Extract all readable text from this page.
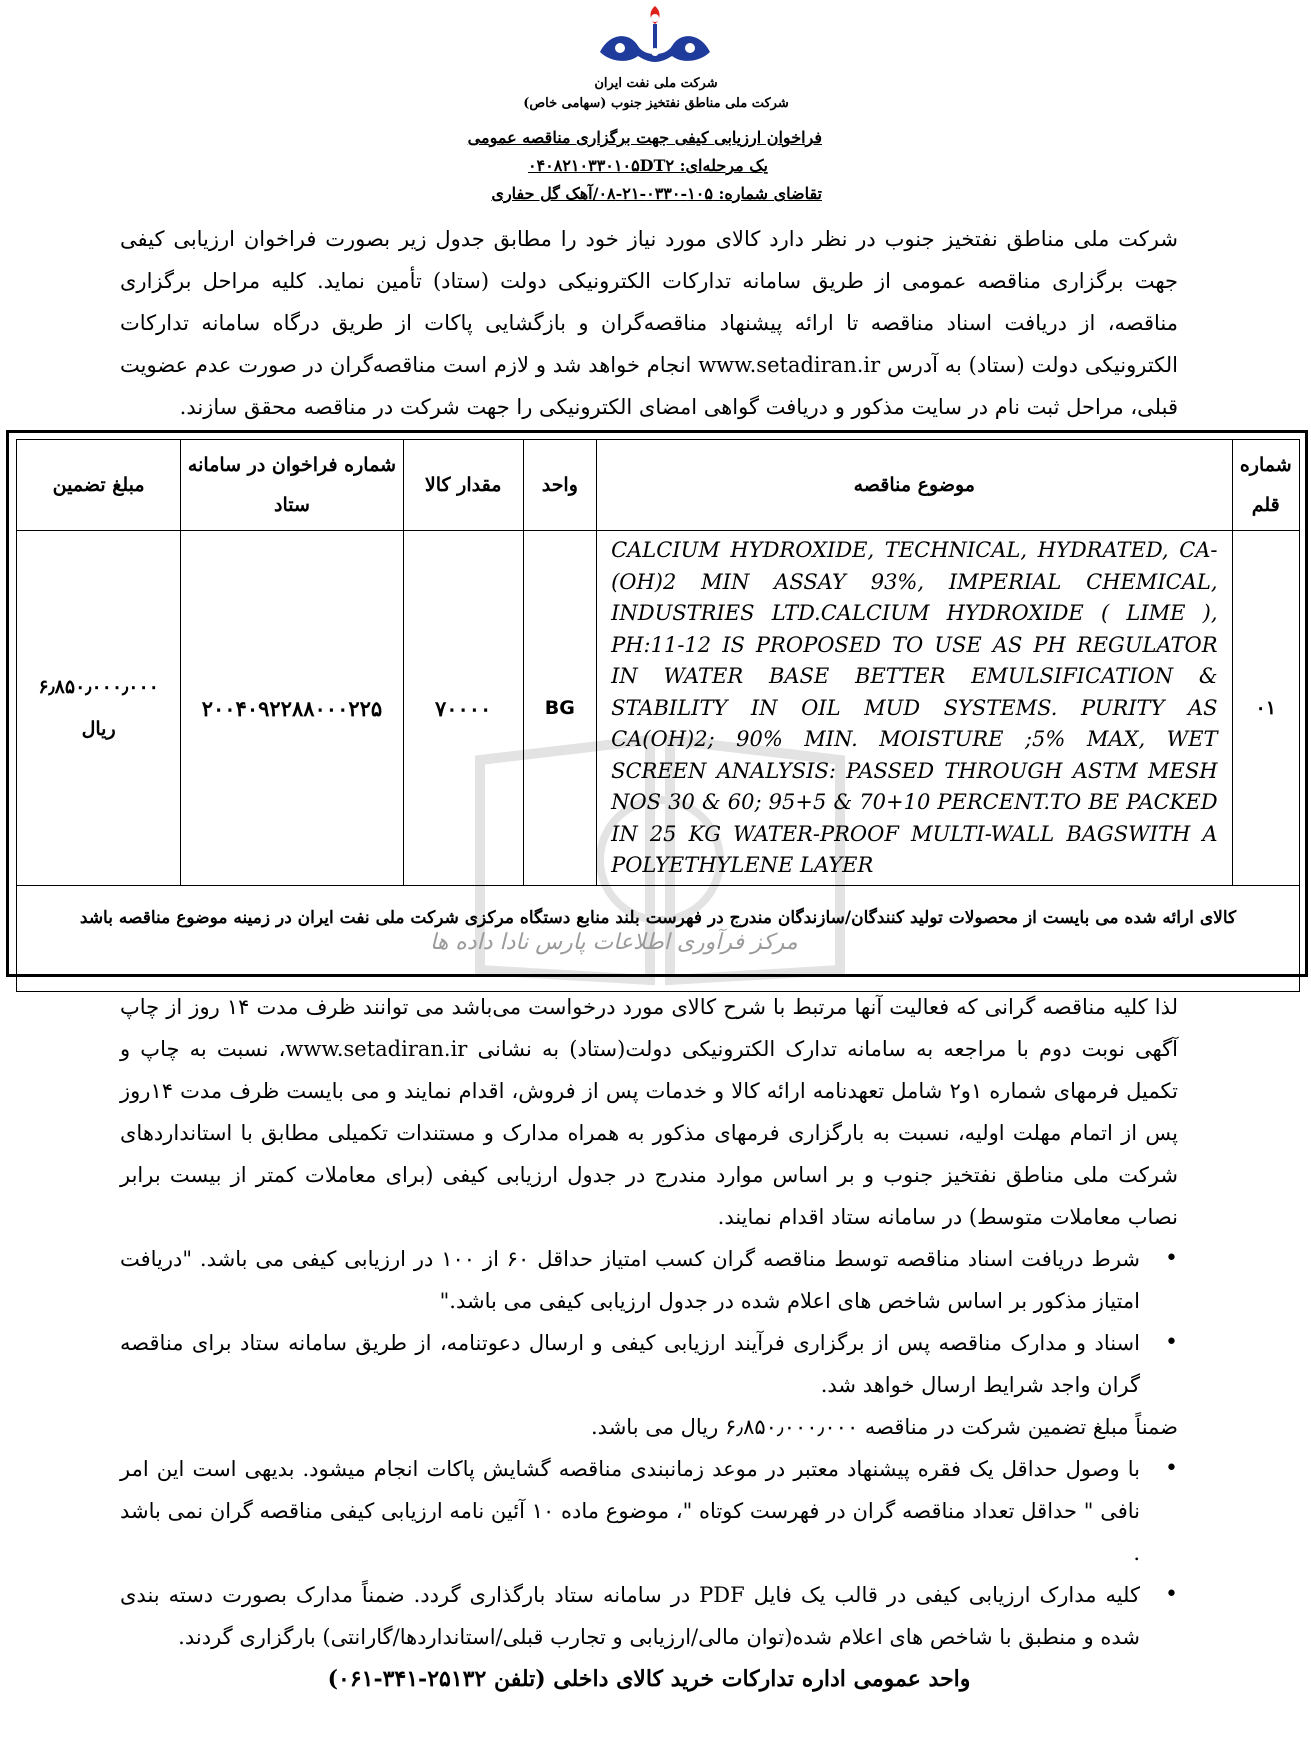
شرکت ملی نفت ایران
شرکت ملی مناطق نفتخیز جنوب (سهامی خاص)
فراخوان ارزیابی کیفی جهت برگزاری مناقصه عمومی
یک مرحله‌ای: ۰۴۰۸۲۱۰۳۳۰۱۰۵DT۲
تقاضای شماره: ۱۰۵-۰۳۳۰-۲۱-۰۸/آهک گل حفاری
شرکت ملی مناطق نفتخیز جنوب در نظر دارد کالای مورد نیاز خود را مطابق جدول زیر بصورت فراخوان ارزیابی کیفی جهت برگزاری مناقصه عمومی از طریق سامانه تدارکات الکترونیکی دولت (ستاد) تأمین نماید. کلیه مراحل برگزاری مناقصه، از دریافت اسناد مناقصه تا ارائه پیشنهاد مناقصه‌گران و بازگشایی پاکات از طریق درگاه سامانه تدارکات الکترونیکی دولت (ستاد) به آدرس www.setadiran.ir انجام خواهد شد و لازم است مناقصه‌گران در صورت عدم عضویت قبلی، مراحل ثبت نام در سایت مذکور و دریافت گواهی امضای الکترونیکی را جهت شرکت در مناقصه محقق سازند.
مرکز فرآوری اطلاعات پارس نادا داده ها
شماره قلم	موضوع مناقصه	واحد	مقدار کالا	شماره فراخوان در سامانه ستاد	مبلغ تضمین
۰۱	CALCIUM HYDROXIDE, TECHNICAL, HYDRATED, CA-(OH)2 MIN ASSAY 93%, IMPERIAL CHEMICAL, INDUSTRIES LTD.CALCIUM HYDROXIDE ( LIME ), PH:11-12 IS PROPOSED TO USE AS PH REGULATOR IN WATER BASE BETTER EMULSIFICATION & STABILITY IN OIL MUD SYSTEMS. PURITY AS CA(OH)2; 90% MIN. MOISTURE ;5% MAX, WET SCREEN ANALYSIS: PASSED THROUGH ASTM MESH NOS 30 & 60; 95+5 & 70+10 PERCENT.TO BE PACKED IN 25 KG WATER-PROOF MULTI-WALL BAGSWITH A POLYETHYLENE LAYER	BG	۷۰۰۰۰	۲۰۰۴۰۹۲۲۸۸۰۰۰۲۲۵	۶٫۸۵۰٫۰۰۰٫۰۰۰
ریال

کالای ارائه شده می بایست از محصولات تولید کنندگان/سازندگان مندرج در فهرست بلند منابع دستگاه مرکزی شرکت ملی نفت ایران در زمینه موضوع مناقصه باشد					
لذا کلیه مناقصه گرانی که فعالیت آنها مرتبط با شرح کالای مورد درخواست می‌باشد می توانند ظرف مدت ۱۴ روز از چاپ آگهی نوبت دوم با مراجعه به سامانه تدارک الکترونیکی دولت(ستاد) به نشانی www.setadiran.ir، نسبت به چاپ و تکمیل فرمهای شماره ۱و۲ شامل تعهدنامه ارائه کالا و خدمات پس از فروش، اقدام نمایند و می بایست ظرف مدت ۱۴روز پس از اتمام مهلت اولیه، نسبت به بارگزاری فرمهای مذکور به همراه مدارک و مستندات تکمیلی مطابق با استانداردهای شرکت ملی مناطق نفتخیز جنوب و بر اساس موارد مندرج در جدول ارزیابی کیفی (برای معاملات کمتر از بیست برابر نصاب معاملات متوسط) در سامانه ستاد اقدام نمایند.
• شرط دریافت اسناد مناقصه توسط مناقصه گران کسب امتیاز حداقل ۶۰ از ۱۰۰ در ارزیابی کیفی می باشد. "دریافت امتیاز مذکور بر اساس شاخص های اعلام شده در جدول ارزیابی کیفی می باشد."
• اسناد و مدارک مناقصه پس از برگزاری فرآیند ارزیابی کیفی و ارسال دعوتنامه، از طریق سامانه ستاد برای مناقصه گران واجد شرایط ارسال خواهد شد.
ضمناً مبلغ تضمین شرکت در مناقصه ۶٫۸۵۰٫۰۰۰٫۰۰۰ ریال می باشد.
• با وصول حداقل یک فقره پیشنهاد معتبر در موعد زمانبندی مناقصه گشایش پاکات انجام میشود. بدیهی است این امر نافی " حداقل تعداد مناقصه گران در فهرست کوتاه "، موضوع ماده ۱۰ آئین نامه ارزیابی کیفی مناقصه گران نمی باشد .
• کلیه مدارک ارزیابی کیفی در قالب یک فایل PDF در سامانه ستاد بارگذاری گردد. ضمناً مدارک بصورت دسته بندی شده و منطبق با شاخص های اعلام شده(توان مالی/ارزیابی و تجارب قبلی/استانداردها/گارانتی) بارگزاری گردند.
واحد عمومی اداره تدارکات خرید کالای داخلی (تلفن ۲۵۱۳۲-۳۴۱-۰۶۱)
